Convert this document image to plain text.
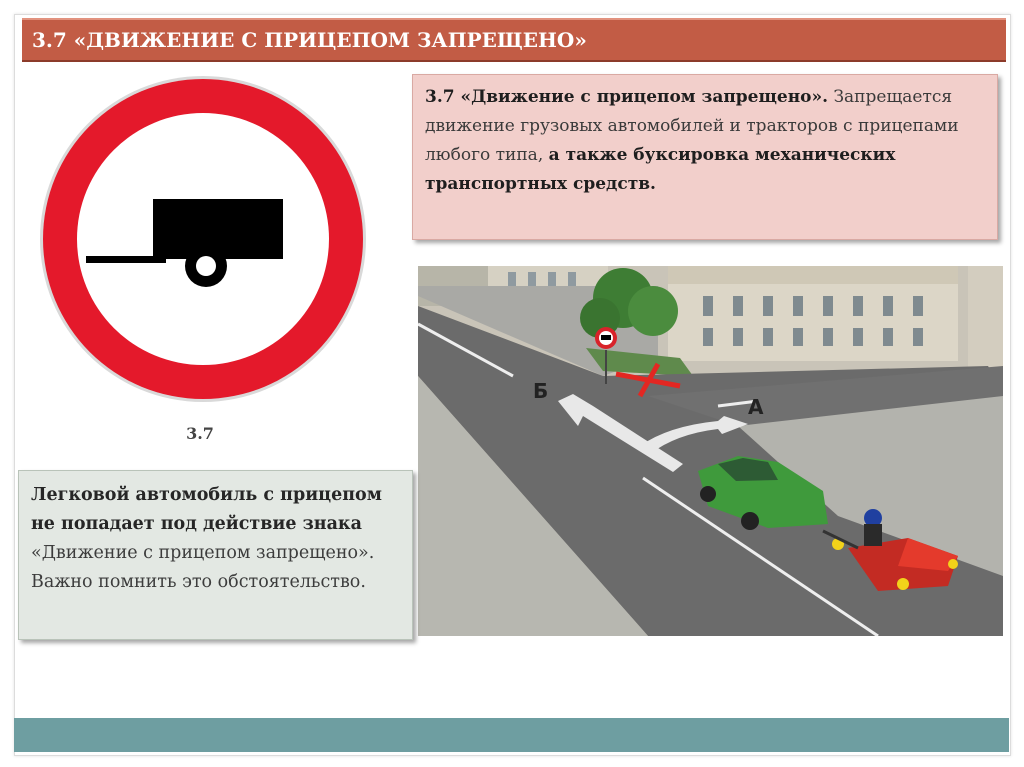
3.7 «ДВИЖЕНИЕ С ПРИЦЕПОМ ЗАПРЕЩЕНО»
3.7
3.7 «Движение с прицепом запрещено». Запрещается движение грузовых автомобилей и тракторов с прицепами любого типа, а также буксировка механических транспортных средств.
Б
А
Легковой автомобиль с прицепом не попадает под действие знака «Движение с прицепом запрещено». Важно помнить это обстоятельство.
